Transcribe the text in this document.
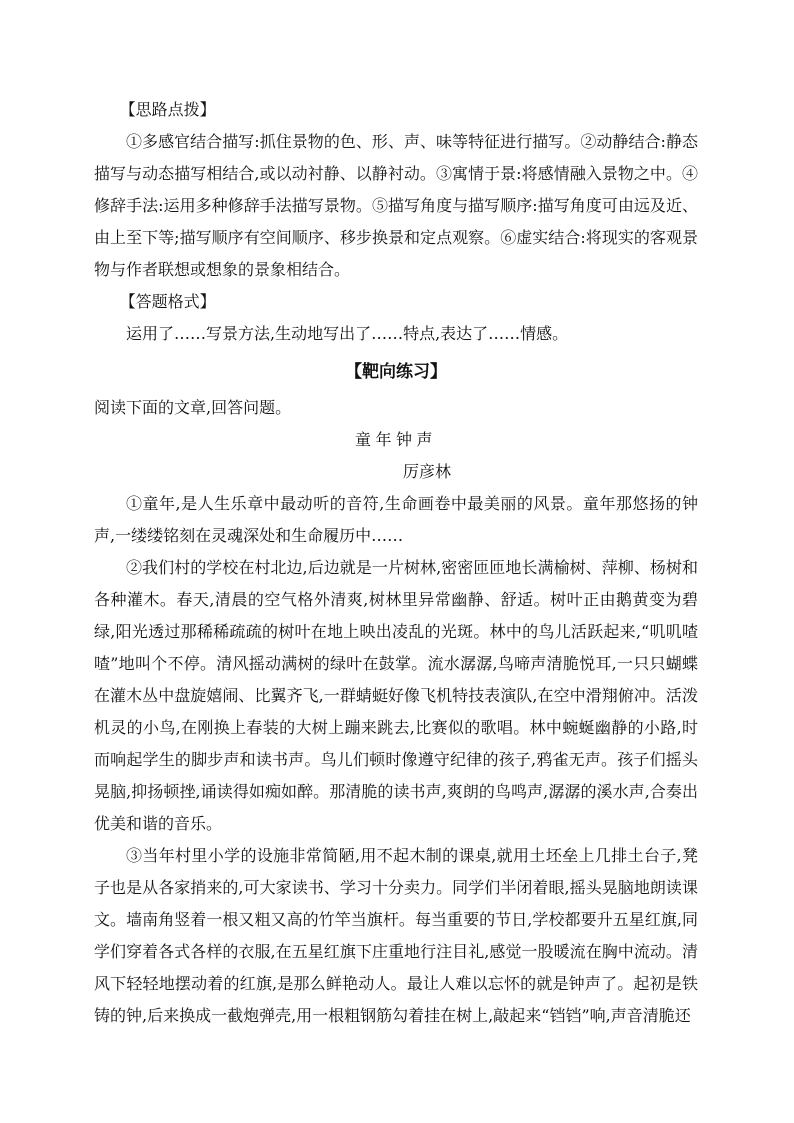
【思路点拨】

①多感官结合描写:抓住景物的色、形、声、味等特征进行描写。②动静结合:静态描写与动态描写相结合,或以动衬静、以静衬动。③寓情于景:将感情融入景物之中。④修辞手法:运用多种修辞手法描写景物。⑤描写角度与描写顺序:描写角度可由远及近、由上至下等;描写顺序有空间顺序、移步换景和定点观察。⑥虚实结合:将现实的客观景物与作者联想或想象的景象相结合。

【答题格式】

运用了……写景方法,生动地写出了……特点,表达了……情感。

【靶向练习】

阅读下面的文章,回答问题。

童年钟声

厉彦林

①童年,是人生乐章中最动听的音符,生命画卷中最美丽的风景。童年那悠扬的钟声,一缕缕铭刻在灵魂深处和生命履历中……

②我们村的学校在村北边,后边就是一片树林,密密匝匝地长满榆树、萍柳、杨树和各种灌木。春天,清晨的空气格外清爽,树林里异常幽静、舒适。树叶正由鹅黄变为碧绿,阳光透过那稀稀疏疏的树叶在地上映出凌乱的光斑。林中的鸟儿活跃起来,“叽叽喳喳”地叫个不停。清风摇动满树的绿叶在鼓掌。流水潺潺,鸟啼声清脆悦耳,一只只蝴蝶在灌木丛中盘旋嬉闹、比翼齐飞,一群蜻蜓好像飞机特技表演队,在空中滑翔俯冲。活泼机灵的小鸟,在刚换上春装的大树上蹦来跳去,比赛似的歌唱。林中蜿蜒幽静的小路,时而响起学生的脚步声和读书声。鸟儿们顿时像遵守纪律的孩子,鸦雀无声。孩子们摇头晃脑,抑扬顿挫,诵读得如痴如醉。那清脆的读书声,爽朗的鸟鸣声,潺潺的溪水声,合奏出优美和谐的音乐。

③当年村里小学的设施非常简陋,用不起木制的课桌,就用土坯垒上几排土台子,凳子也是从各家捎来的,可大家读书、学习十分卖力。同学们半闭着眼,摇头晃脑地朗读课文。墙南角竖着一根又粗又高的竹竿当旗杆。每当重要的节日,学校都要升五星红旗,同学们穿着各式各样的衣服,在五星红旗下庄重地行注目礼,感觉一股暖流在胸中流动。清风下轻轻地摆动着的红旗,是那么鲜艳动人。最让人难以忘怀的就是钟声了。起初是铁铸的钟,后来换成一截炮弹壳,用一根粗钢筋勾着挂在树上,敲起来“铛铛”响,声音清脆还
